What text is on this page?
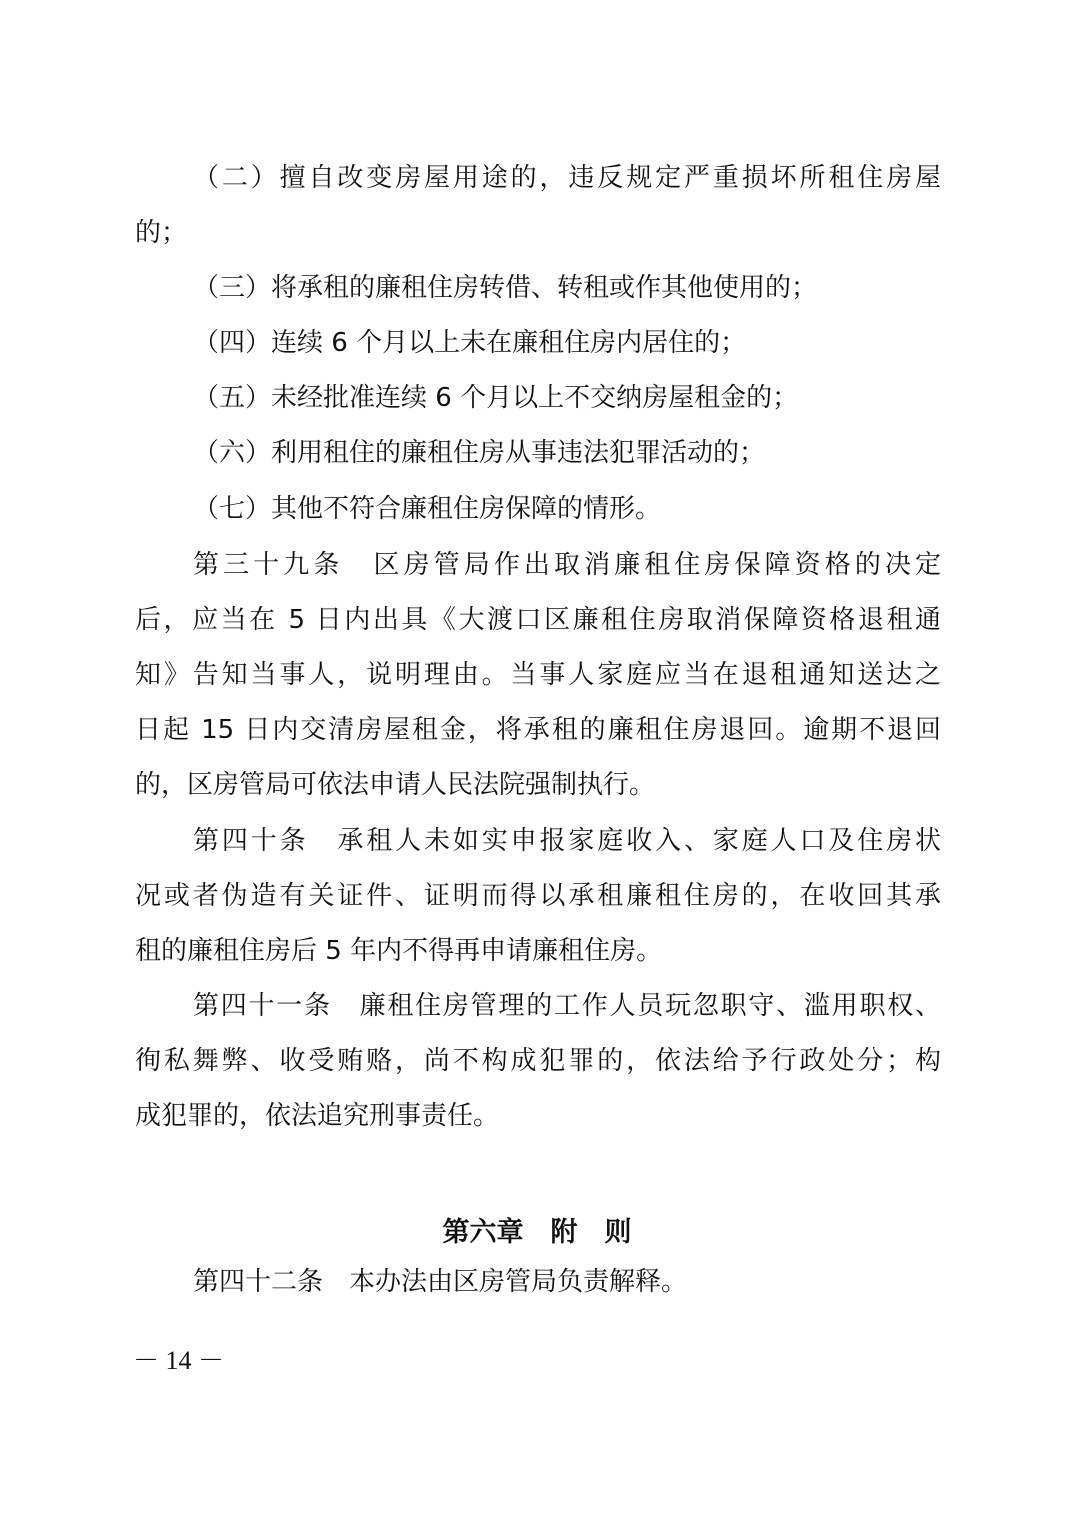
（二）擅自改变房屋用途的，违反规定严重损坏所租住房屋
的；
（三）将承租的廉租住房转借、转租或作其他使用的；
（四）连续 6 个月以上未在廉租住房内居住的；
（五）未经批准连续 6 个月以上不交纳房屋租金的；
（六）利用租住的廉租住房从事违法犯罪活动的；
（七）其他不符合廉租住房保障的情形。
第三十九条　区房管局作出取消廉租住房保障资格的决定
后，应当在 5 日内出具《大渡口区廉租住房取消保障资格退租通
知》告知当事人，说明理由。当事人家庭应当在退租通知送达之
日起 15 日内交清房屋租金，将承租的廉租住房退回。逾期不退回
的，区房管局可依法申请人民法院强制执行。
第四十条　承租人未如实申报家庭收入、家庭人口及住房状
况或者伪造有关证件、证明而得以承租廉租住房的，在收回其承
租的廉租住房后 5 年内不得再申请廉租住房。
第四十一条　廉租住房管理的工作人员玩忽职守、滥用职权、
徇私舞弊、收受贿赂，尚不构成犯罪的，依法给予行政处分；构
成犯罪的，依法追究刑事责任。
第六章　附　则
第四十二条　本办法由区房管局负责解释。
－ 14 －
